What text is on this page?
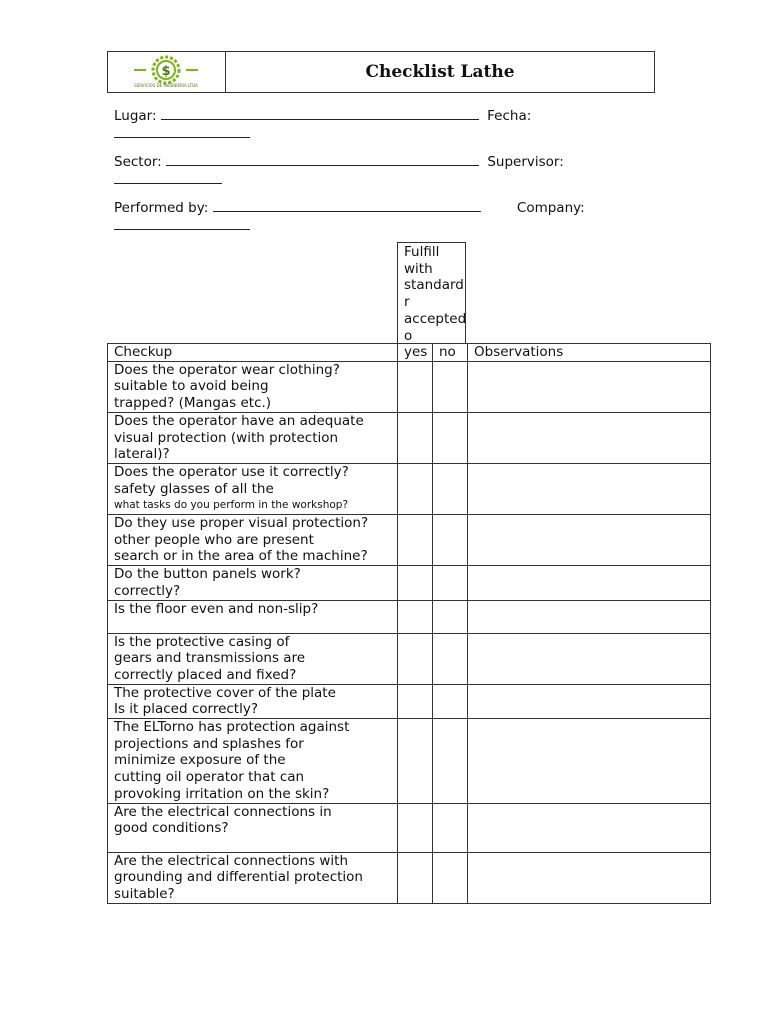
$
SERVICIOS DE INGENIERIA LTDA
Checklist Lathe
Lugar:	Fecha:
Sector:	Supervisor:
Performed by:	Company:
Fulfill
with
standard
r
accepted
o
Checkup	yes	no	Observations

Does the operator wear clothing?
suitable to avoid being
trapped? (Mangas etc.)			

Does the operator have an adequate
visual protection (with protection
lateral)?			

Does the operator use it correctly?
safety glasses of all the
what tasks do you perform in the workshop?			

Do they use proper visual protection?
other people who are present
search or in the area of the machine?			

Do the button panels work?
correctly?			

Is the floor even and non-slip?			

Is the protective casing of
gears and transmissions are
correctly placed and fixed?			

The protective cover of the plate
Is it placed correctly?			

The ELTorno has protection against
projections and splashes for
minimize exposure of the
cutting oil operator that can
provoking irritation on the skin?			

Are the electrical connections in
good conditions?			

Are the electrical connections with
grounding and differential protection
suitable?			
